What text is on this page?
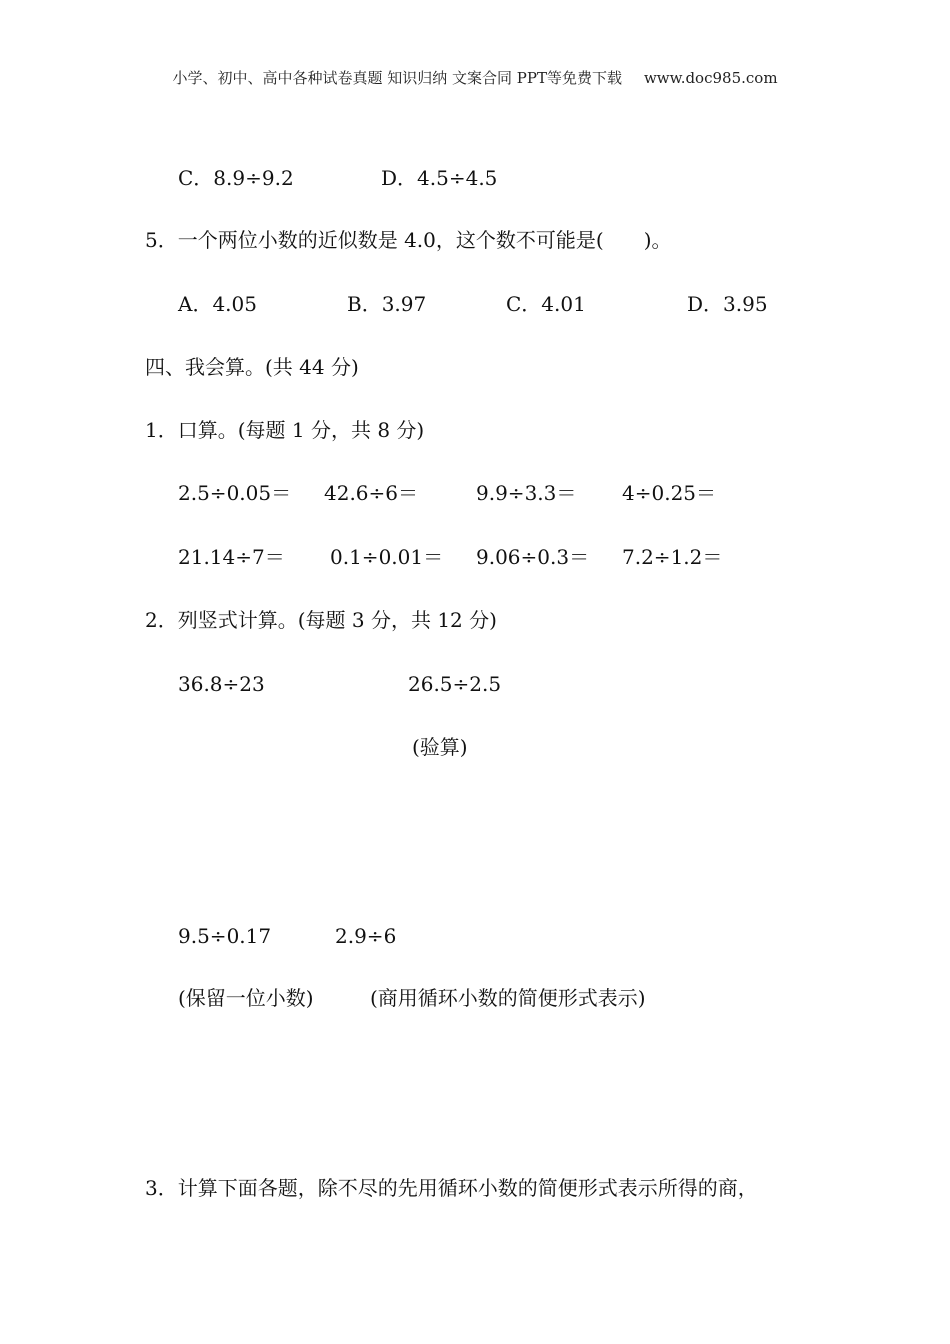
小学、初中、高中各种试卷真题 知识归纳 文案合同 PPT等免费下载 www.doc985.com
C．8.9÷9.2	D．4.5÷4.5
5．一个两位小数的近似数是 4.0，这个数不可能是(　　)。
A．4.05	B．3.97	C．4.01	D．3.95
四、我会算。(共 44 分)
1．口算。(每题 1 分，共 8 分)
2.5÷0.05＝ 42.6÷6＝	9.9÷3.3＝ 4÷0.25＝
21.14÷7＝ 0.1÷0.01＝ 9.06÷0.3＝ 7.2÷1.2＝
2．列竖式计算。(每题 3 分，共 12 分)
36.8÷23	26.5÷2.5
(验算)
9.5÷0.17	2.9÷6
(保留一位小数)	(商用循环小数的简便形式表示)
3．计算下面各题，除不尽的先用循环小数的简便形式表示所得的商，
